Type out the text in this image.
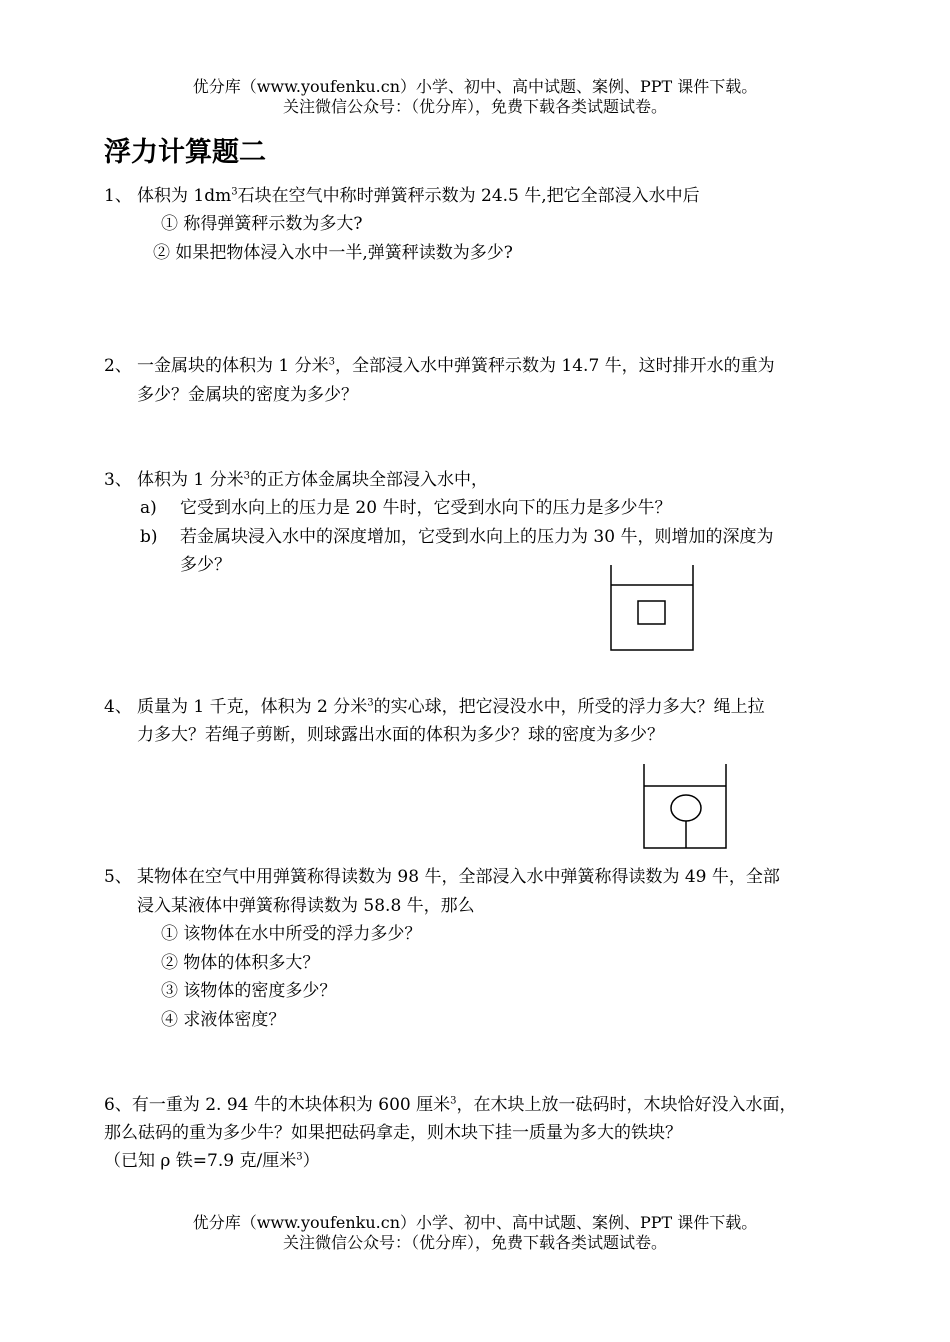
优分库（www.youfenku.cn）小学、初中、高中试题、案例、PPT 课件下载。
关注微信公众号：（优分库），免费下载各类试题试卷。
浮力计算题二
1、 体积为 $1dm^3$石块在空气中称时弹簧秤示数为 24.5 牛,把它全部浸入水中后
① 称得弹簧秤示数为多大?
② 如果把物体浸入水中一半,弹簧秤读数为多少?
2、 一金属块的体积为 1 分米$^3$，全部浸入水中弹簧秤示数为 14.7 牛，这时排开水的重为
多少？金属块的密度为多少？
3、 体积为 1 分米$^3$的正方体金属块全部浸入水中，
a) 它受到水向上的压力是 20 牛时，它受到水向下的压力是多少牛？
b) 若金属块浸入水中的深度增加，它受到水向上的压力为 30 牛，则增加的深度为
多少？
4、 质量为 1 千克，体积为 2 分米$^3$的实心球，把它浸没水中，所受的浮力多大？绳上拉
力多大？若绳子剪断，则球露出水面的体积为多少？球的密度为多少？
5、 某物体在空气中用弹簧称得读数为 98 牛，全部浸入水中弹簧称得读数为 49 牛，全部
浸入某液体中弹簧称得读数为 58.8 牛，那么
① 该物体在水中所受的浮力多少？
② 物体的体积多大？
③ 该物体的密度多少？
④ 求液体密度？
6、有一重为 2. 94 牛的木块体积为 600 厘米$^3$，在木块上放一砝码时，木块恰好没入水面，
那么砝码的重为多少牛？如果把砝码拿走，则木块下挂一质量为多大的铁块？
（已知 ρ 铁=7.9 克/厘米$^3$）
优分库（www.youfenku.cn）小学、初中、高中试题、案例、PPT 课件下载。
关注微信公众号：（优分库），免费下载各类试题试卷。
